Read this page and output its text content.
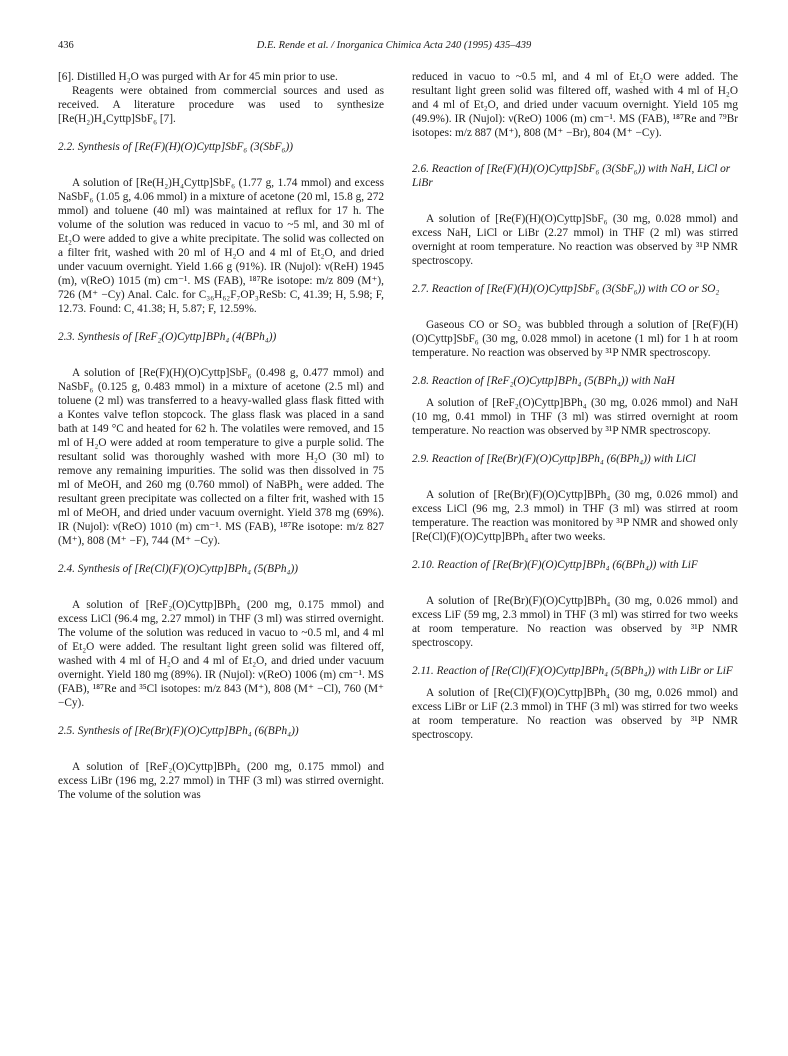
436	D.E. Rende et al. / Inorganica Chimica Acta 240 (1995) 435–439

[6]. Distilled H₂O was purged with Ar for 45 min prior to use.

Reagents were obtained from commercial sources and used as received. A literature procedure was used to synthesize [Re(H₂)H₄Cyttp]SbF₆ [7].

2.2. Synthesis of [Re(F)(H)(O)Cyttp]SbF₆ (3(SbF₆))

A solution of [Re(H₂)H₄Cyttp]SbF₆ (1.77 g, 1.74 mmol) and excess NaSbF₆ (1.05 g, 4.06 mmol) in a mixture of acetone (20 ml, 15.8 g, 272 mmol) and toluene (40 ml) was maintained at reflux for 17 h. The volume of the solution was reduced in vacuo to ~5 ml, and 30 ml of Et₂O were added to give a white precipitate. The solid was collected on a filter frit, washed with 20 ml of H₂O and 4 ml of Et₂O, and dried under vacuum overnight. Yield 1.66 g (91%). IR (Nujol): ν(ReH) 1945 (m), ν(ReO) 1015 (m) cm⁻¹. MS (FAB), ¹⁸⁷Re isotope: m/z 809 (M⁺), 726 (M⁺ −Cy) Anal. Calc. for C₃₆H₆₂F₇OP₃ReSb: C, 41.39; H, 5.98; F, 12.73. Found: C, 41.38; H, 5.87; F, 12.59%.

2.3. Synthesis of [ReF₂(O)Cyttp]BPh₄ (4(BPh₄))

A solution of [Re(F)(H)(O)Cyttp]SbF₆ (0.498 g, 0.477 mmol) and NaSbF₆ (0.125 g, 0.483 mmol) in a mixture of acetone (2.5 ml) and toluene (2 ml) was transferred to a heavy-walled glass flask fitted with a Kontes valve teflon stopcock. The glass flask was placed in a sand bath at 149 °C and heated for 62 h. The volatiles were removed, and 15 ml of H₂O were added at room temperature to give a purple solid. The resultant solid was thoroughly washed with more H₂O (30 ml) to remove any remaining impurities. The solid was then dissolved in 75 ml of MeOH, and 260 mg (0.760 mmol) of NaBPh₄ were added. The resultant green precipitate was collected on a filter frit, washed with 15 ml of MeOH, and dried under vacuum overnight. Yield 378 mg (69%). IR (Nujol): ν(ReO) 1010 (m) cm⁻¹. MS (FAB), ¹⁸⁷Re isotope: m/z 827 (M⁺), 808 (M⁺ −F), 744 (M⁺ −Cy).

2.4. Synthesis of [Re(Cl)(F)(O)Cyttp]BPh₄ (5(BPh₄))

A solution of [ReF₂(O)Cyttp]BPh₄ (200 mg, 0.175 mmol) and excess LiCl (96.4 mg, 2.27 mmol) in THF (3 ml) was stirred overnight. The volume of the solution was reduced in vacuo to ~0.5 ml, and 4 ml of Et₂O were added. The resultant light green solid was filtered off, washed with 4 ml of H₂O and 4 ml of Et₂O, and dried under vacuum overnight. Yield 180 mg (89%). IR (Nujol): ν(ReO) 1006 (m) cm⁻¹. MS (FAB), ¹⁸⁷Re and ³⁵Cl isotopes: m/z 843 (M⁺), 808 (M⁺ −Cl), 760 (M⁺ −Cy).

2.5. Synthesis of [Re(Br)(F)(O)Cyttp]BPh₄ (6(BPh₄))

A solution of [ReF₂(O)Cyttp]BPh₄ (200 mg, 0.175 mmol) and excess LiBr (196 mg, 2.27 mmol) in THF (3 ml) was stirred overnight. The volume of the solution was

reduced in vacuo to ~0.5 ml, and 4 ml of Et₂O were added. The resultant light green solid was filtered off, washed with 4 ml of H₂O and 4 ml of Et₂O, and dried under vacuum overnight. Yield 105 mg (49.9%). IR (Nujol): ν(ReO) 1006 (m) cm⁻¹. MS (FAB), ¹⁸⁷Re and ⁷⁹Br isotopes: m/z 887 (M⁺), 808 (M⁺ −Br), 804 (M⁺ −Cy).

2.6. Reaction of [Re(F)(H)(O)Cyttp]SbF₆ (3(SbF₆)) with NaH, LiCl or LiBr

A solution of [Re(F)(H)(O)Cyttp]SbF₆ (30 mg, 0.028 mmol) and excess NaH, LiCl or LiBr (2.27 mmol) in THF (2 ml) was stirred overnight at room temperature. No reaction was observed by ³¹P NMR spectroscopy.

2.7. Reaction of [Re(F)(H)(O)Cyttp]SbF₆ (3(SbF₆)) with CO or SO₂

Gaseous CO or SO₂ was bubbled through a solution of [Re(F)(H)(O)Cyttp]SbF₆ (30 mg, 0.028 mmol) in acetone (1 ml) for 1 h at room temperature. No reaction was observed by ³¹P NMR spectroscopy.

2.8. Reaction of [ReF₂(O)Cyttp]BPh₄ (5(BPh₄)) with NaH

A solution of [ReF₂(O)Cyttp]BPh₄ (30 mg, 0.026 mmol) and NaH (10 mg, 0.41 mmol) in THF (3 ml) was stirred overnight at room temperature. No reaction was observed by ³¹P NMR spectroscopy.

2.9. Reaction of [Re(Br)(F)(O)Cyttp]BPh₄ (6(BPh₄)) with LiCl

A solution of [Re(Br)(F)(O)Cyttp]BPh₄ (30 mg, 0.026 mmol) and excess LiCl (96 mg, 2.3 mmol) in THF (3 ml) was stirred at room temperature. The reaction was monitored by ³¹P NMR and showed only [Re(Cl)(F)(O)Cyttp]BPh₄ after two weeks.

2.10. Reaction of [Re(Br)(F)(O)Cyttp]BPh₄ (6(BPh₄)) with LiF

A solution of [Re(Br)(F)(O)Cyttp]BPh₄ (30 mg, 0.026 mmol) and excess LiF (59 mg, 2.3 mmol) in THF (3 ml) was stirred for two weeks at room temperature. No reaction was observed by ³¹P NMR spectroscopy.

2.11. Reaction of [Re(Cl)(F)(O)Cyttp]BPh₄ (5(BPh₄)) with LiBr or LiF

A solution of [Re(Cl)(F)(O)Cyttp]BPh₄ (30 mg, 0.026 mmol) and excess LiBr or LiF (2.3 mmol) in THF (3 ml) was stirred for two weeks at room temperature. No reaction was observed by ³¹P NMR spectroscopy.
